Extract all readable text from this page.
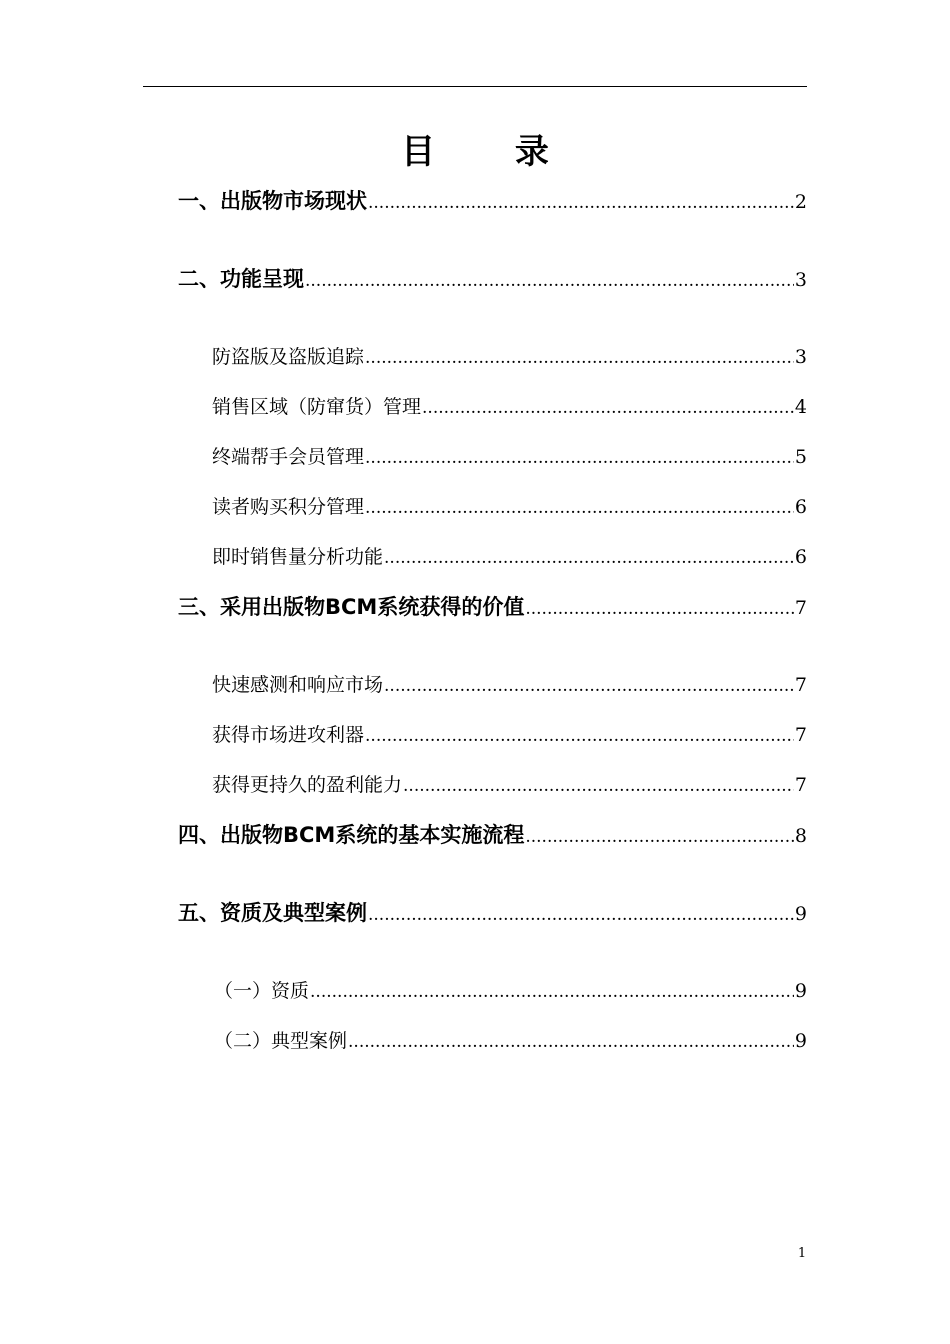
目 录
一、出版物市场现状 .....	2
二、功能呈现 .....	3
防盗版及盗版追踪 .....	3
销售区域（防窜货）管理 .....	4
终端帮手会员管理 .....	5
读者购买积分管理 .....	6
即时销售量分析功能 .....	6
三、采用出版物BCM系统获得的价值 .....	7
快速感测和响应市场 .....	7
获得市场进攻利器 .....	7
获得更持久的盈利能力 .....	7
四、出版物BCM系统的基本实施流程 .....	8
五、资质及典型案例 .....	9
（一）资质 .....	9
（二）典型案例 .....	9
1
